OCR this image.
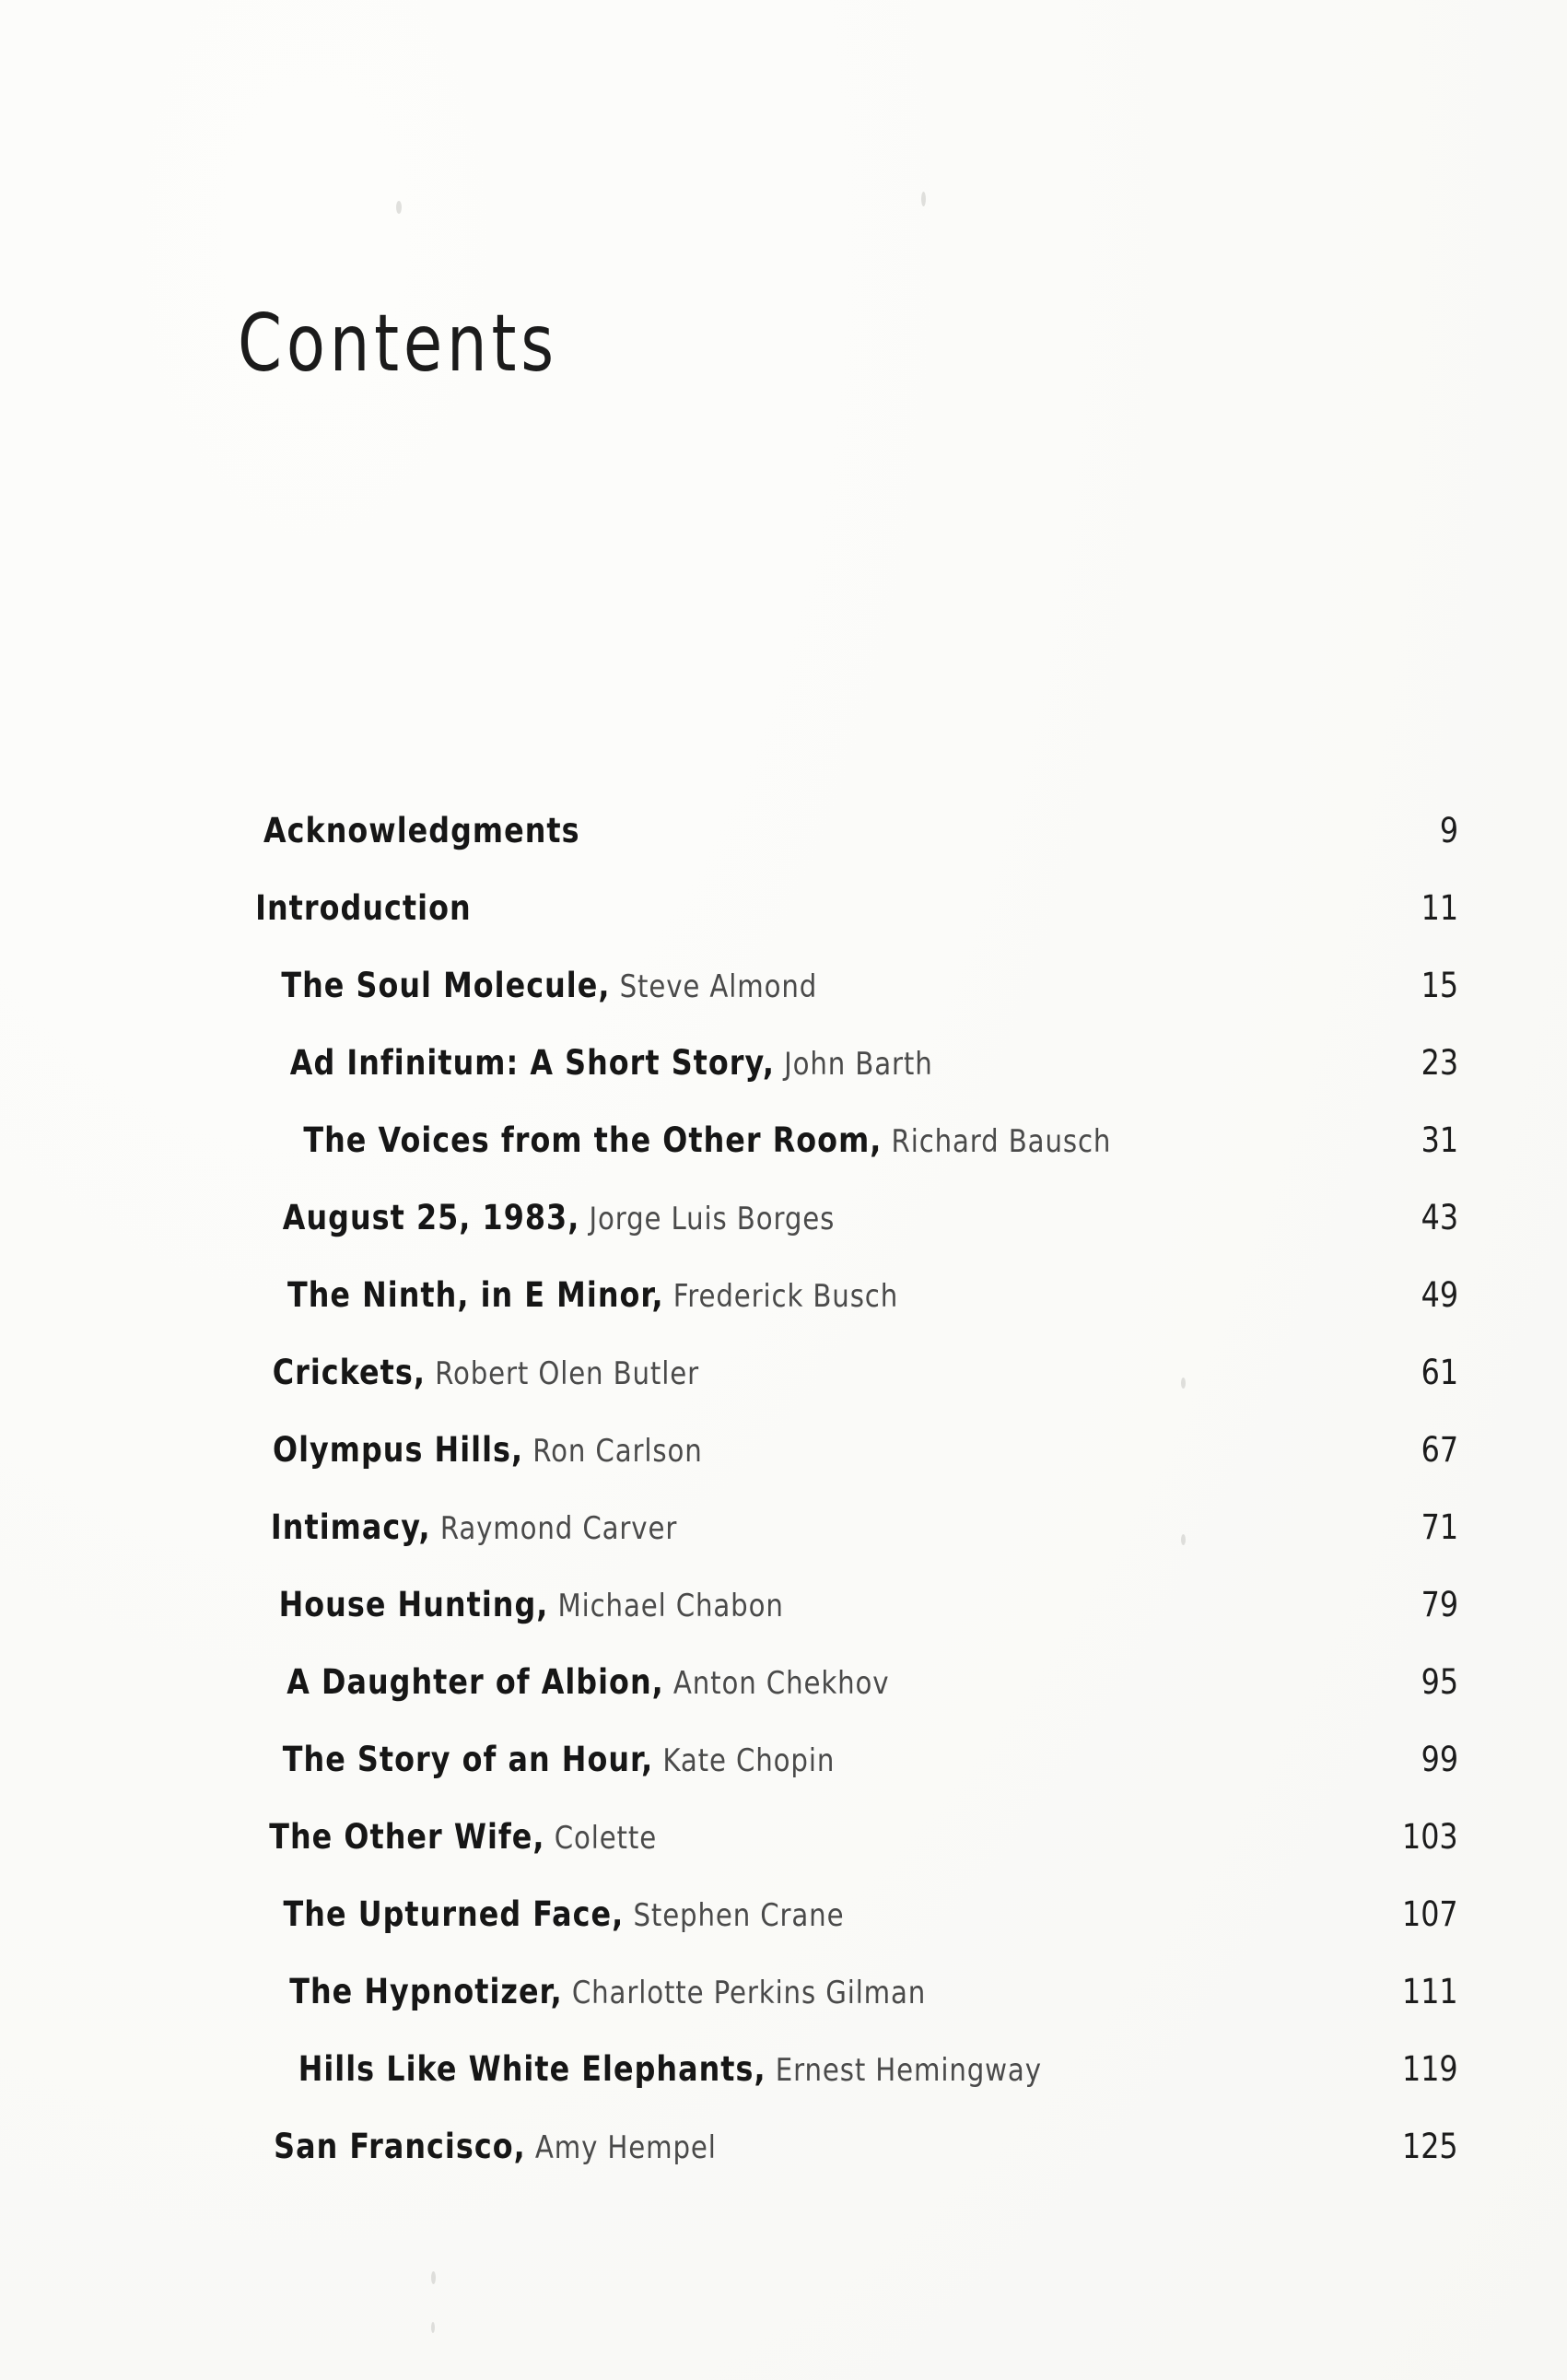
Contents
Acknowledgments	9
Introduction	11
The Soul Molecule, Steve Almond	15
Ad Infinitum: A Short Story, John Barth	23
The Voices from the Other Room, Richard Bausch	31
August 25, 1983, Jorge Luis Borges	43
The Ninth, in E Minor, Frederick Busch	49
Crickets, Robert Olen Butler	61
Olympus Hills, Ron Carlson	67
Intimacy, Raymond Carver	71
House Hunting, Michael Chabon	79
A Daughter of Albion, Anton Chekhov	95
The Story of an Hour, Kate Chopin	99
The Other Wife, Colette	103
The Upturned Face, Stephen Crane	107
The Hypnotizer, Charlotte Perkins Gilman	111
Hills Like White Elephants, Ernest Hemingway	119
San Francisco, Amy Hempel	125
